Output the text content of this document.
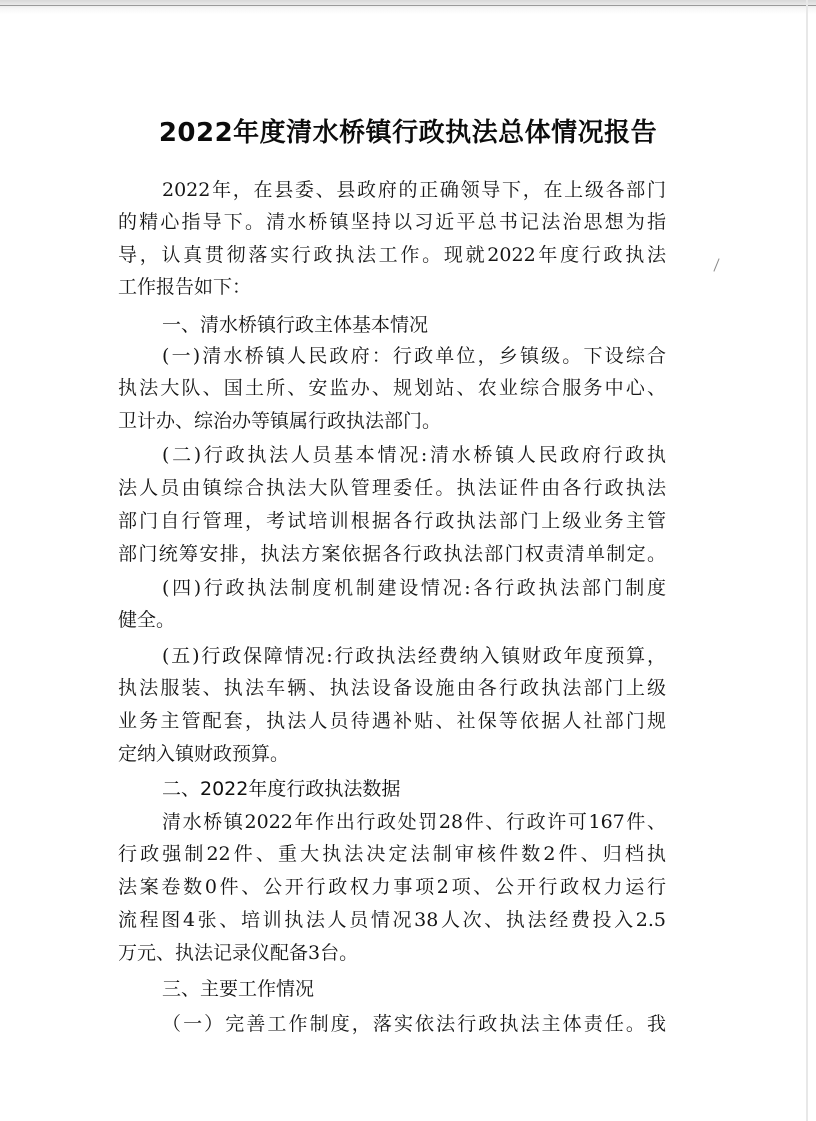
2022年度清水桥镇行政执法总体情况报告
2022年，在县委、县政府的正确领导下，在上级各部门
的精心指导下。清水桥镇坚持以习近平总书记法治思想为指
导，认真贯彻落实行政执法工作。现就2022年度行政执法
工作报告如下：
一、清水桥镇行政主体基本情况
(一)清水桥镇人民政府：行政单位，乡镇级。下设综合
执法大队、国土所、安监办、规划站、农业综合服务中心、
卫计办、综治办等镇属行政执法部门。
(二)行政执法人员基本情况:清水桥镇人民政府行政执
法人员由镇综合执法大队管理委任。执法证件由各行政执法
部门自行管理，考试培训根据各行政执法部门上级业务主管
部门统筹安排，执法方案依据各行政执法部门权责清单制定。
(四)行政执法制度机制建设情况:各行政执法部门制度
健全。
(五)行政保障情况:行政执法经费纳入镇财政年度预算，
执法服装、执法车辆、执法设备设施由各行政执法部门上级
业务主管配套，执法人员待遇补贴、社保等依据人社部门规
定纳入镇财政预算。
二、2022年度行政执法数据
清水桥镇2022年作出行政处罚28件、行政许可167件、
行政强制22件、重大执法决定法制审核件数2件、归档执
法案卷数0件、公开行政权力事项2项、公开行政权力运行
流程图4张、培训执法人员情况38人次、执法经费投入2.5
万元、执法记录仪配备3台。
三、主要工作情况
（一）完善工作制度，落实依法行政执法主体责任。我
